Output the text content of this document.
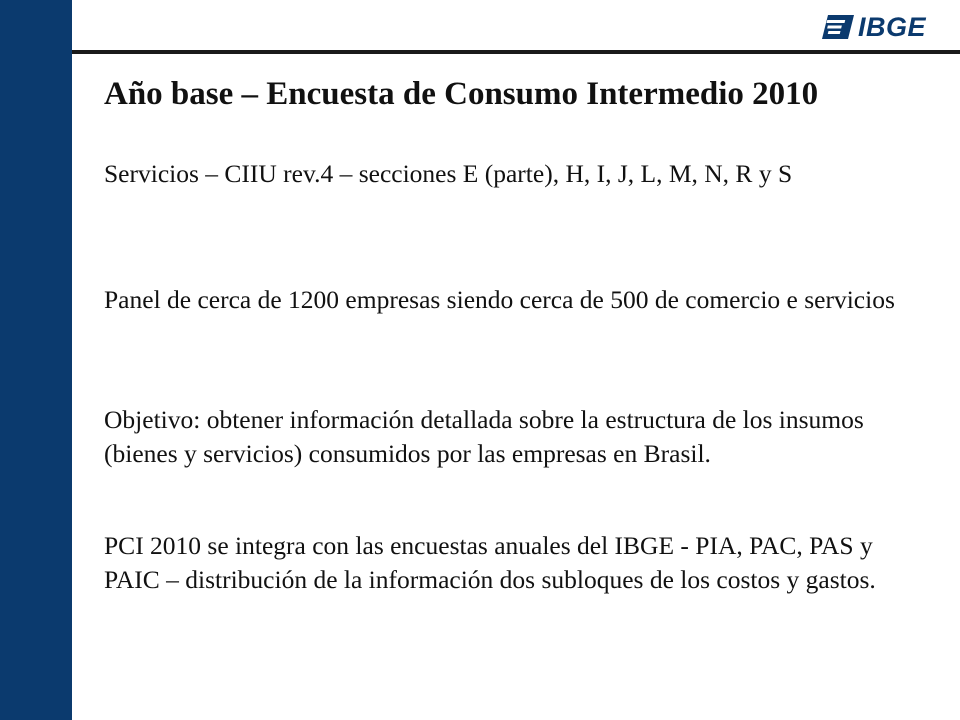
IBGE
Año base – Encuesta de Consumo Intermedio 2010

Servicios – CIIU rev.4 – secciones E (parte), H, I, J, L, M, N, R y S

Panel de cerca de 1200 empresas siendo cerca de 500 de comercio e servicios

Objetivo: obtener información detallada sobre la estructura de los insumos (bienes y servicios) consumidos por las empresas en Brasil.

PCI 2010 se integra con las encuestas anuales del IBGE - PIA, PAC, PAS y PAIC – distribución de la información dos subloques de los costos y gastos.
